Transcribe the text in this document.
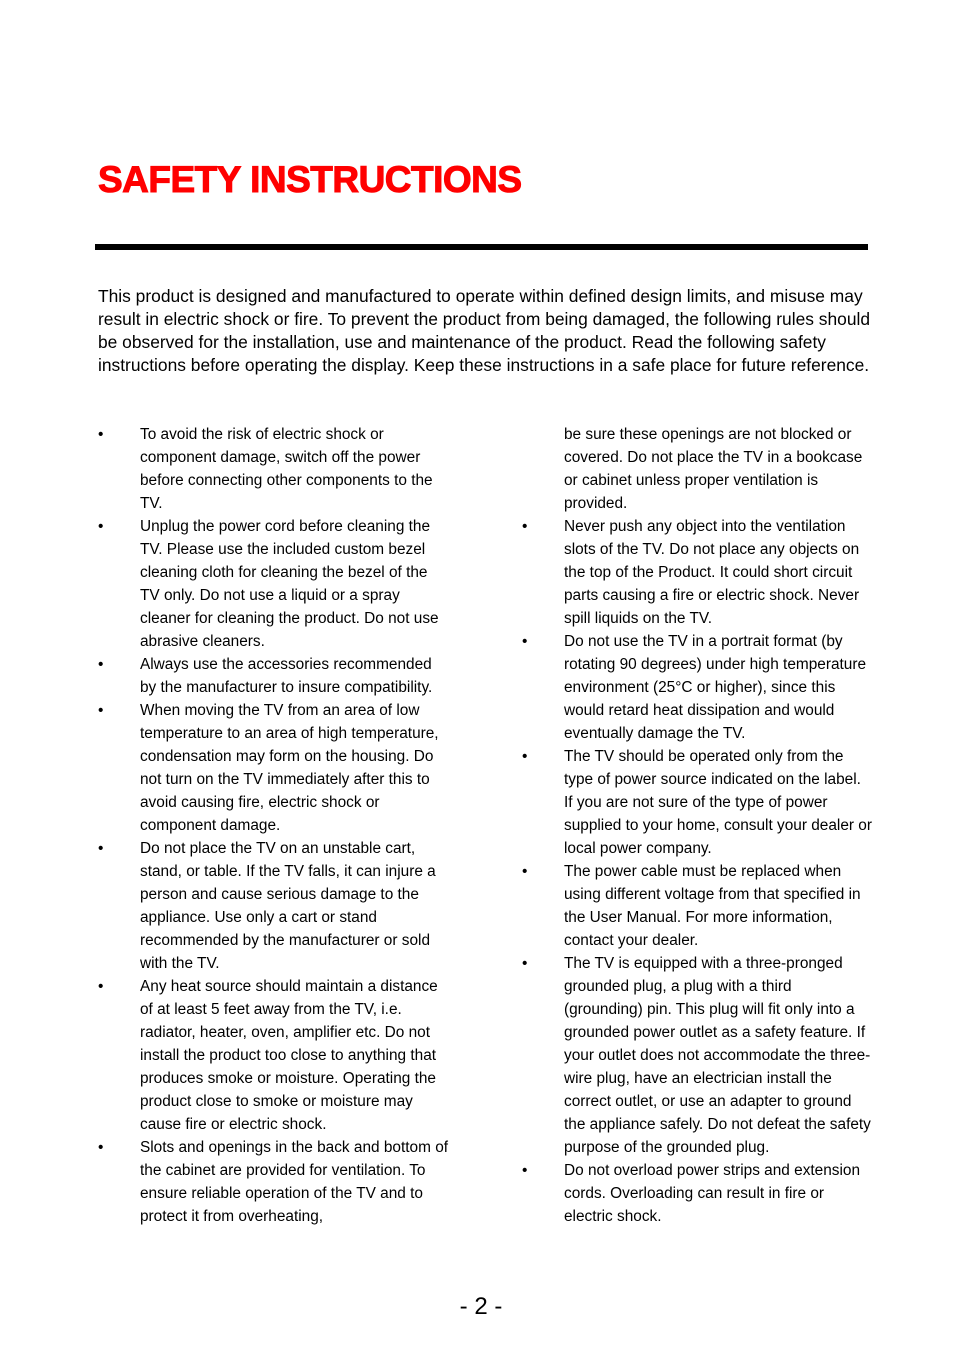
SAFETY INSTRUCTIONS

This product is designed and manufactured to operate within defined design limits, and misuse may result in electric shock or fire. To prevent the product from being damaged, the following rules should be observed for the installation, use and maintenance of the product. Read the following safety instructions before operating the display. Keep these instructions in a safe place for future reference.

• To avoid the risk of electric shock or component damage, switch off the power before connecting other components to the TV.
• Unplug the power cord before cleaning the TV. Please use the included custom bezel cleaning cloth for cleaning the bezel of the TV only. Do not use a liquid or a spray cleaner for cleaning the product. Do not use abrasive cleaners.
• Always use the accessories recommended by the manufacturer to insure compatibility.
• When moving the TV from an area of low temperature to an area of high temperature, condensation may form on the housing. Do not turn on the TV immediately after this to avoid causing fire, electric shock or component damage.
• Do not place the TV on an unstable cart, stand, or table. If the TV falls, it can injure a person and cause serious damage to the appliance. Use only a cart or stand recommended by the manufacturer or sold with the TV.
• Any heat source should maintain a distance of at least 5 feet away from the TV, i.e. radiator, heater, oven, amplifier etc. Do not install the product too close to anything that produces smoke or moisture. Operating the product close to smoke or moisture may cause fire or electric shock.
• Slots and openings in the back and bottom of the cabinet are provided for ventilation. To ensure reliable operation of the TV and to protect it from overheating,
be sure these openings are not blocked or covered. Do not place the TV in a bookcase or cabinet unless proper ventilation is provided.
• Never push any object into the ventilation slots of the TV. Do not place any objects on the top of the Product. It could short circuit parts causing a fire or electric shock. Never spill liquids on the TV.
• Do not use the TV in a portrait format (by rotating 90 degrees) under high temperature environment (25°C or higher), since this would retard heat dissipation and would eventually damage the TV.
• The TV should be operated only from the type of power source indicated on the label. If you are not sure of the type of power supplied to your home, consult your dealer or local power company.
• The power cable must be replaced when using different voltage from that specified in the User Manual. For more information, contact your dealer.
• The TV is equipped with a three-pronged grounded plug, a plug with a third (grounding) pin. This plug will fit only into a grounded power outlet as a safety feature. If your outlet does not accommodate the three-wire plug, have an electrician install the correct outlet, or use an adapter to ground the appliance safely. Do not defeat the safety purpose of the grounded plug.
• Do not overload power strips and extension cords. Overloading can result in fire or electric shock.
- 2 -
